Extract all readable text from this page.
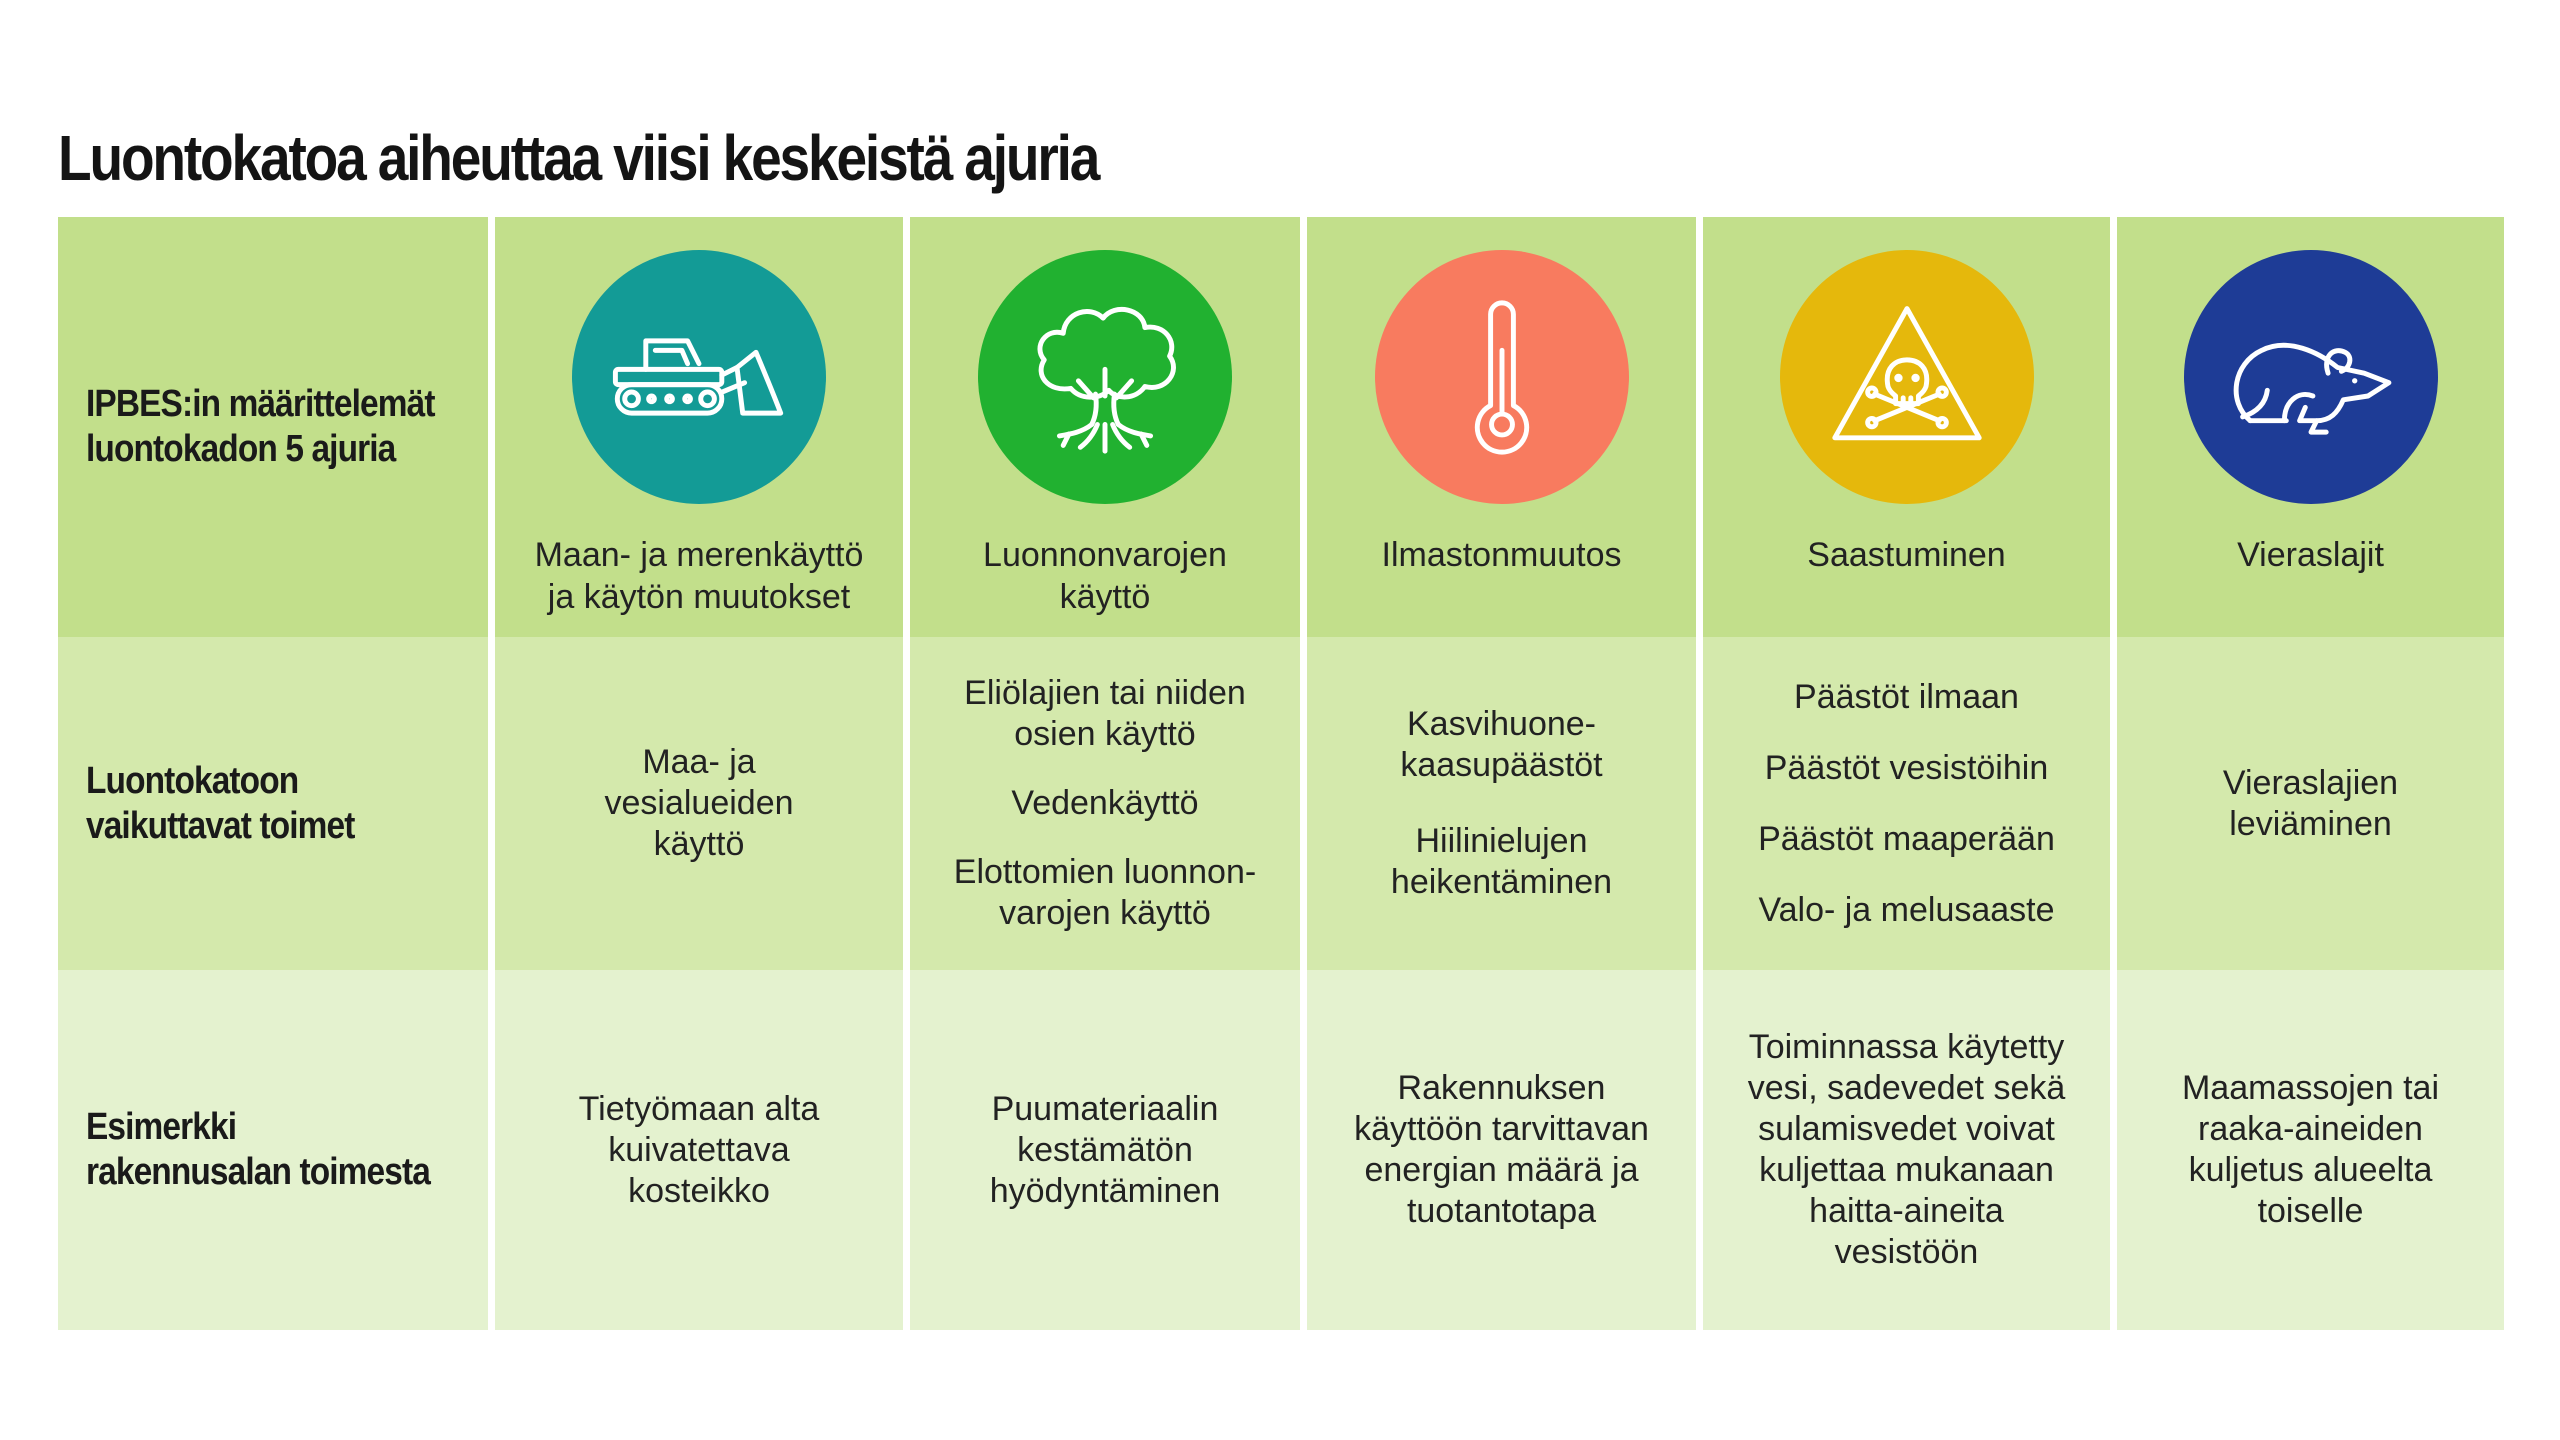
Luontokatoa aiheuttaa viisi keskeistä ajuria
IPBES:in määrittelemät
luontokadon 5 ajuria
Maan- ja merenkäyttö
ja käytön muutokset
Luonnonvarojen
käyttö
Ilmastonmuutos	Saastuminen	Vieraslajit
Luontokatoon
vaikuttavat toimet
Maa- ja
vesialueiden
käyttö
Eliölajien tai niiden
osien käyttö
Vedenkäyttö
Elottomien luonnon-
varojen käyttö
Kasvihuone-
kaasupäästöt
Hiilinielujen
heikentäminen
Päästöt ilmaan
Päästöt vesistöihin
Päästöt maaperään
Valo- ja melusaaste
Vieraslajien
leviäminen
Esimerkki
rakennusalan toimesta
Tietyömaan alta
kuivatettava
kosteikko
Puumateriaalin
kestämätön
hyödyntäminen
Rakennuksen
käyttöön tarvittavan
energian määrä ja
tuotantotapa
Toiminnassa käytetty
vesi, sadevedet sekä
sulamisvedet voivat
kuljettaa mukanaan
haitta-aineita
vesistöön
Maamassojen tai
raaka-aineiden
kuljetus alueelta
toiselle
